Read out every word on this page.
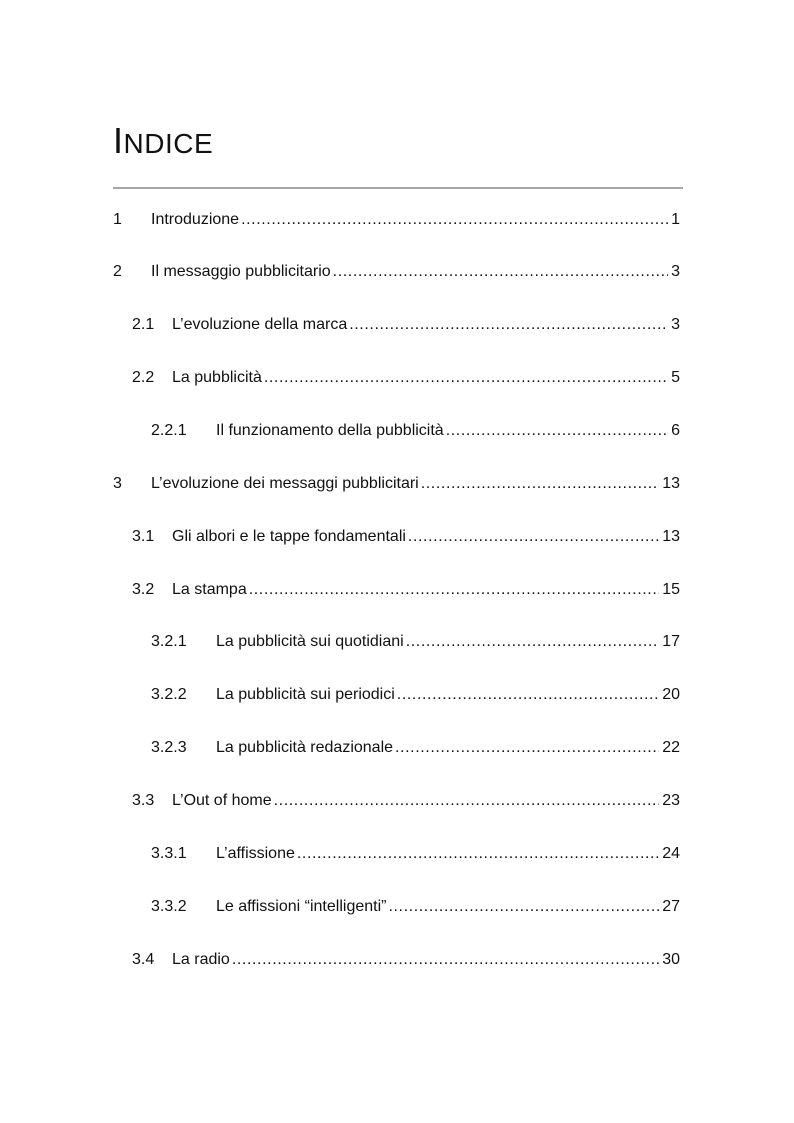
INDICE
1	Introduzione .....	1
2	Il messaggio pubblicitario .....	3
2.1	L’evoluzione della marca .....	3
2.2	La pubblicità .....	5
2.2.1	Il funzionamento della pubblicità .....	6
3	L’evoluzione dei messaggi pubblicitari .....	13
3.1	Gli albori e le tappe fondamentali .....	13
3.2	La stampa .....	15
3.2.1	La pubblicità sui quotidiani .....	17
3.2.2	La pubblicità sui periodici .....	20
3.2.3	La pubblicità redazionale .....	22
3.3	L’Out of home .....	23
3.3.1	L’affissione .....	24
3.3.2	Le affissioni “intelligenti” .....	27
3.4	La radio .....	30
